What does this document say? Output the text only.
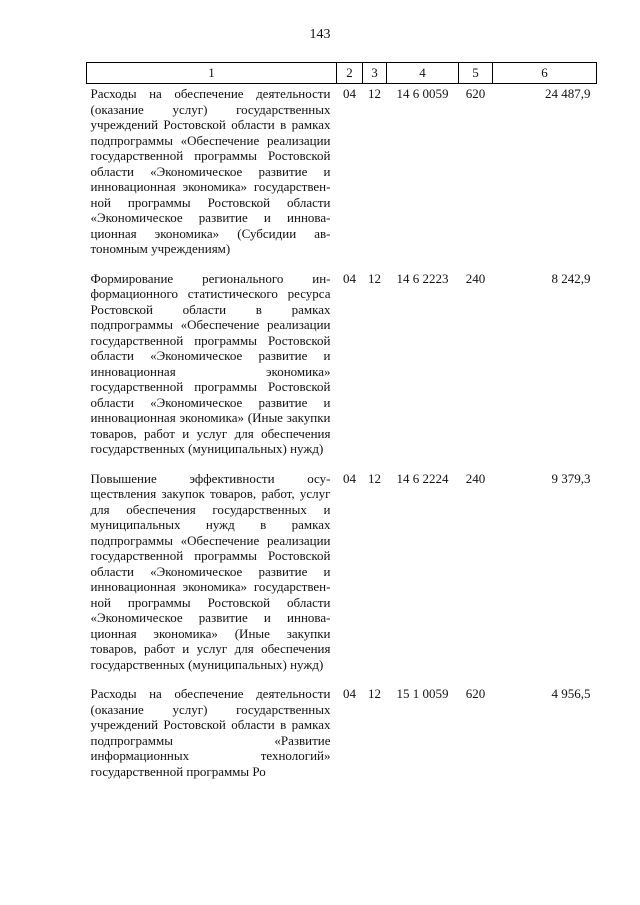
143
1	2	3	4	5	6
Расходы на обеспечение деятельности (оказание услуг) государственных учреждений Ростовской области в рамках подпрограммы «Обеспечение реализации государственной программы Ростовской области «Экономическое развитие и инновационная экономика» государственной программы Ростовской области «Экономическое развитие и инновационная экономика» (Субсидии автономным учреждениям)	04	12	14 6 0059	620	24 487,9
Формирование регионального информационного статистического ресурса Ростовской области в рамках подпрограммы «Обеспечение реализации государственной программы Ростовской области «Экономическое развитие и инновационная экономика» государственной программы Ростовской области «Экономическое развитие и инновационная экономика» (Иные закупки товаров, работ и услуг для обеспечения государственных (муниципальных) нужд)	04	12	14 6 2223	240	8 242,9
Повышение эффективности осуществления закупок товаров, работ, услуг для обеспечения государственных и муниципальных нужд в рамках подпрограммы «Обеспечение реализации государственной программы Ростовской области «Экономическое развитие и инновационная экономика» государственной программы Ростовской области «Экономическое развитие и инновационная экономика» (Иные закупки товаров, работ и услуг для обеспечения государственных (муниципальных) нужд)	04	12	14 6 2224	240	9 379,3
Расходы на обеспечение деятельности (оказание услуг) государственных учреждений Ростовской области в рамках подпрограммы «Развитие информационных технологий» государственной программы Ро	04	12	15 1 0059	620	4 956,5
